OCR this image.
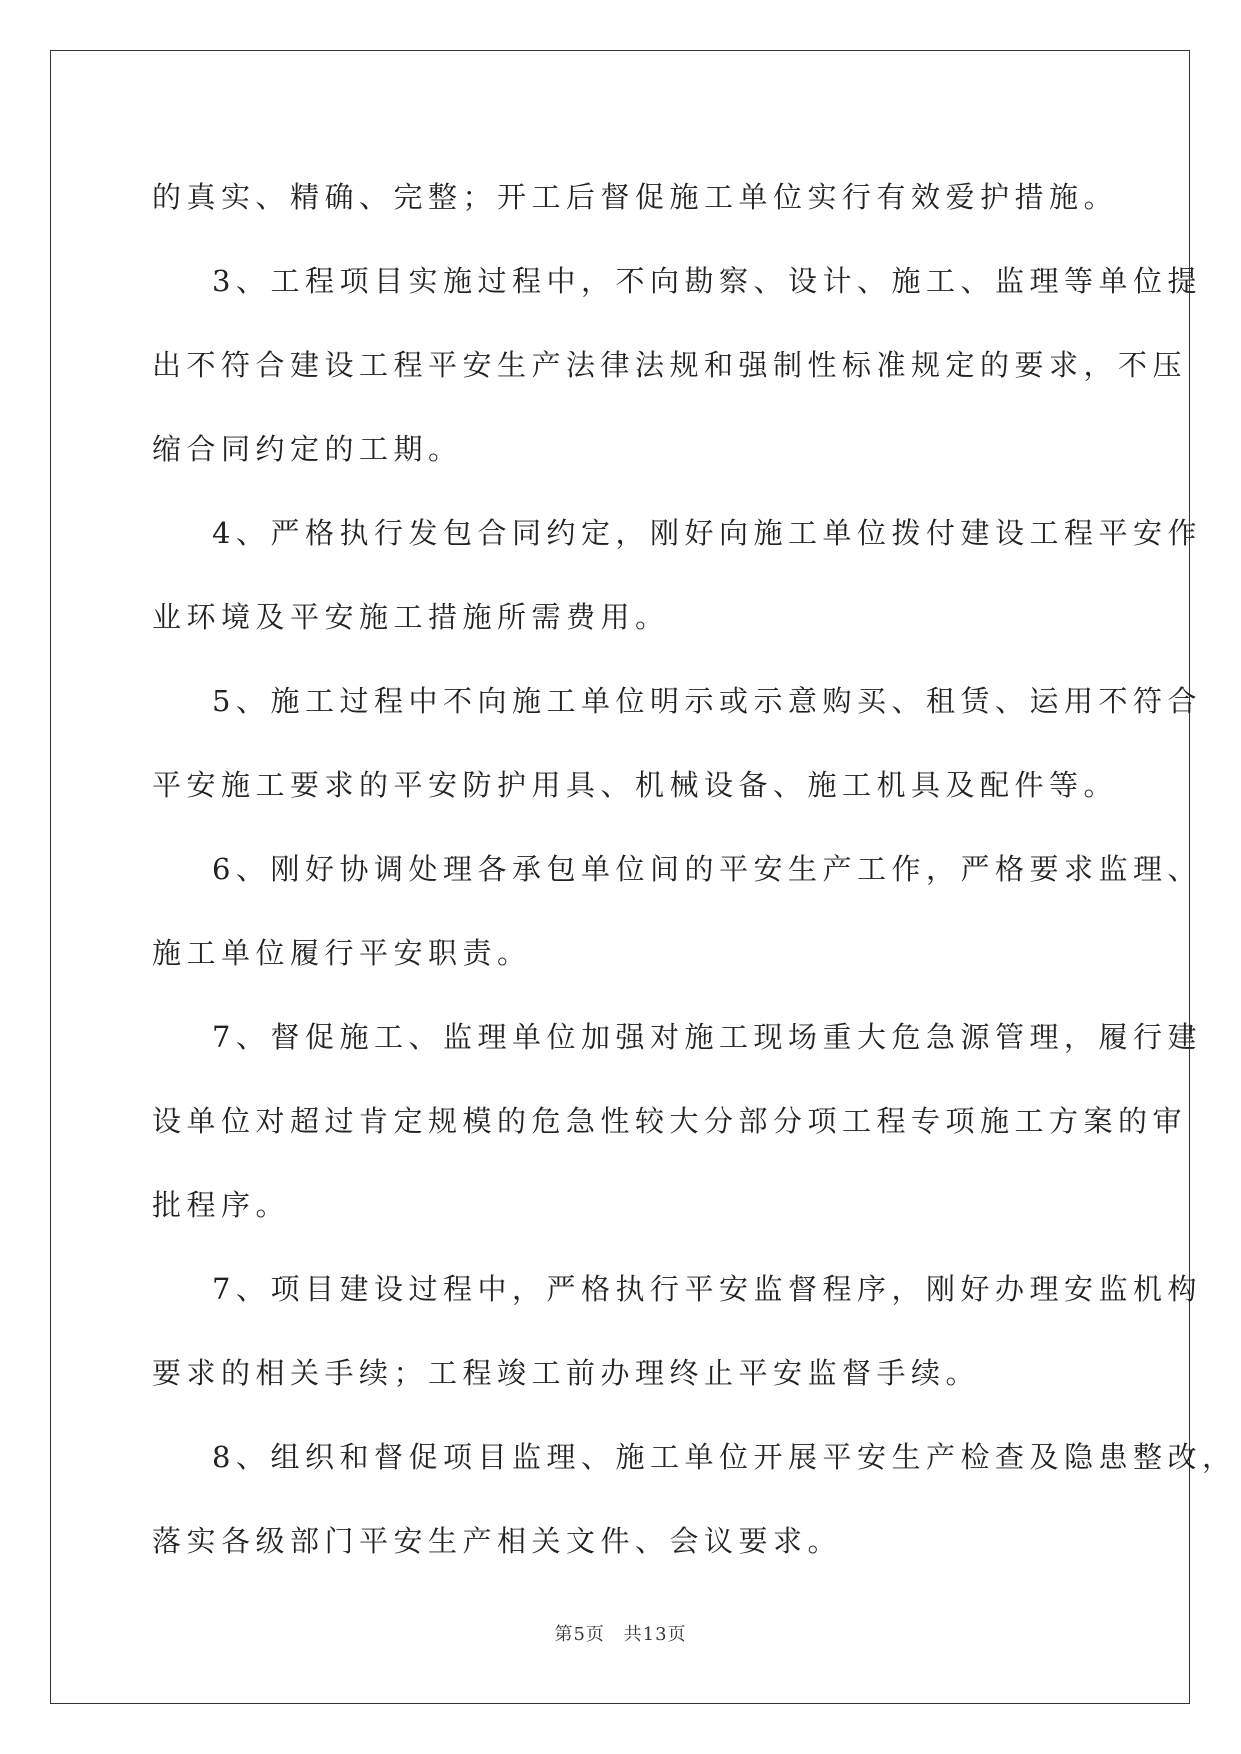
的真实、精确、完整；开工后督促施工单位实行有效爱护措施。
3、工程项目实施过程中，不向勘察、设计、施工、监理等单位提
出不符合建设工程平安生产法律法规和强制性标准规定的要求，不压
缩合同约定的工期。
4、严格执行发包合同约定，刚好向施工单位拨付建设工程平安作
业环境及平安施工措施所需费用。
5、施工过程中不向施工单位明示或示意购买、租赁、运用不符合
平安施工要求的平安防护用具、机械设备、施工机具及配件等。
6、刚好协调处理各承包单位间的平安生产工作，严格要求监理、
施工单位履行平安职责。
7、督促施工、监理单位加强对施工现场重大危急源管理，履行建
设单位对超过肯定规模的危急性较大分部分项工程专项施工方案的审
批程序。
7、项目建设过程中，严格执行平安监督程序，刚好办理安监机构
要求的相关手续；工程竣工前办理终止平安监督手续。
8、组织和督促项目监理、施工单位开展平安生产检查及隐患整改，
落实各级部门平安生产相关文件、会议要求。
第5页 共13页
